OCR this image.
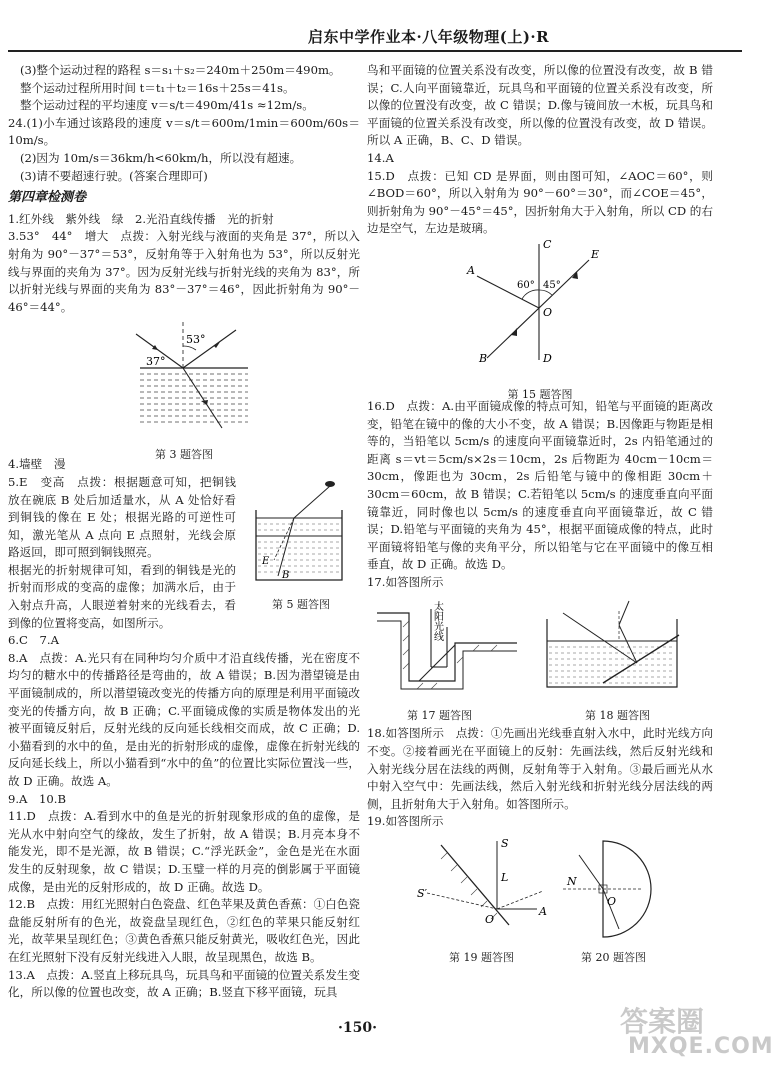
启东中学作业本·八年级物理(上)·R

(3)整个运动过程的路程 s＝s₁＋s₂＝240m＋250m＝490m。

整个运动过程所用时间 t＝t₁＋t₂＝16s＋25s＝41s。

整个运动过程的平均速度 v＝s/t＝490m/41s ≈12m/s。

24.(1)小车通过该路段的速度 v＝s/t＝600m/1min＝600m/60s＝10m/s。

(2)因为 10m/s＝36km/h<60km/h，所以没有超速。

(3)请不要超速行驶。(答案合理即可)

第四章检测卷

1.红外线　紫外线　绿　2.光沿直线传播　光的折射

3.53°　44°　增大　点拨：入射光线与液面的夹角是 37°，所以入射角为 90°－37°＝53°，反射角等于入射角也为 53°，所以反射光线与界面的夹角为 37°。因为反射光线与折射光线的夹角为 83°，所以折射光线与界面的夹角为 83°－37°＝46°，因此折射角为 90°－46°＝44°。

53°
37°
第 3 题答图

4.墙壁　漫

E
B
第 5 题答图

5.E　变高　点拨：根据题意可知，把铜钱放在碗底 B 处后加适量水，从 A 处恰好看到铜钱的像在 E 处；根据光路的可逆性可知，激光笔从 A 点向 E 点照射，光线会原路返回，即可照到铜钱照亮。

根据光的折射规律可知，看到的铜钱是光的折射而形成的变高的虚像；加满水后，由于入射点升高，人眼逆着射来的光线看去，看到像的位置将变高，如图所示。

6.C　7.A

8.A　点拨：A.光只有在同种均匀介质中才沿直线传播，光在密度不均匀的糖水中的传播路径是弯曲的，故 A 错误；B.因为潜望镜是由平面镜制成的，所以潜望镜改变光的传播方向的原理是利用平面镜改变光的传播方向，故 B 正确；C.平面镜成像的实质是物体发出的光被平面镜反射后，反射光线的反向延长线相交而成，故 C 正确；D.小猫看到的水中的鱼，是由光的折射形成的虚像，虚像在折射光线的反向延长线上，所以小猫看到“水中的鱼”的位置比实际位置浅一些，故 D 正确。故选 A。

9.A　10.B

11.D　点拨：A.看到水中的鱼是光的折射现象形成的鱼的虚像，是光从水中射向空气的缘故，发生了折射，故 A 错误；B.月亮本身不能发光，即不是光源，故 B 错误；C.“浮光跃金”，金色是光在水面发生的反射现象，故 C 错误；D.玉璧一样的月亮的倒影属于平面镜成像，是由光的反射形成的，故 D 正确。故选 D。

12.B　点拨：用红光照射白色瓷盘、红色苹果及黄色香蕉：①白色瓷盘能反射所有的色光，故瓷盘呈现红色，②红色的苹果只能反射红光，故苹果呈现红色；③黄色香蕉只能反射黄光，吸收红色光，因此在红光照射下没有反射光线进入人眼，故呈现黑色，故选 B。

13.A　点拨：A.竖直上移玩具鸟，玩具鸟和平面镜的位置关系发生变化，所以像的位置也改变，故 A 正确；B.竖直下移平面镜，玩具

鸟和平面镜的位置关系没有改变，所以像的位置没有改变，故 B 错误；C.人向平面镜靠近，玩具鸟和平面镜的位置关系没有改变，所以像的位置没有改变，故 C 错误；D.像与镜间放一木板，玩具鸟和平面镜的位置关系没有改变，所以像的位置没有改变，故 D 错误。所以 A 正确，B、C、D 错误。

14.A

15.D　点拨：已知 CD 是界面，则由图可知，∠AOC＝60°，则∠BOD＝60°，所以入射角为 90°－60°＝30°，而∠COE＝45°，则折射角为 90°－45°＝45°，因折射角大于入射角，所以 CD 的右边是空气，左边是玻璃。

C
D
A
B
E
O
60° 45°
第 15 题答图

16.D　点拨：A.由平面镜成像的特点可知，铅笔与平面镜的距离改变，铅笔在镜中的像的大小不变，故 A 错误；B.因像距与物距是相等的，当铅笔以 5cm/s 的速度向平面镜靠近时，2s 内铅笔通过的距离 s＝vt＝5cm/s×2s＝10cm，2s 后物距为 40cm－10cm＝30cm，像距也为 30cm，2s 后铅笔与镜中的像相距 30cm＋30cm＝60cm，故 B 错误；C.若铅笔以 5cm/s 的速度垂直向平面镜靠近，同时像也以 5cm/s 的速度垂直向平面镜靠近，故 C 错误；D.铅笔与平面镜的夹角为 45°，根据平面镜成像的特点，此时平面镜将铅笔与像的夹角平分，所以铅笔与它在平面镜中的像互相垂直，故 D 正确。故选 D。

17.如答图所示

太阳光线
第 17 题答图	第 18 题答图

18.如答图所示　点拨：①先画出光线垂直射入水中，此时光线方向不变。②接着画光在平面镜上的反射：先画法线，然后反射光线和入射光线分居在法线的两侧，反射角等于入射角。③最后画光从水中射入空气中：先画法线，然后入射光线和折射光线分居法线的两侧，且折射角大于入射角。如答图所示。

19.如答图所示

S
S′
L
O
A
N
O
第 19 题答图	第 20 题答图
·150·	答案圈
MXQE.COM
